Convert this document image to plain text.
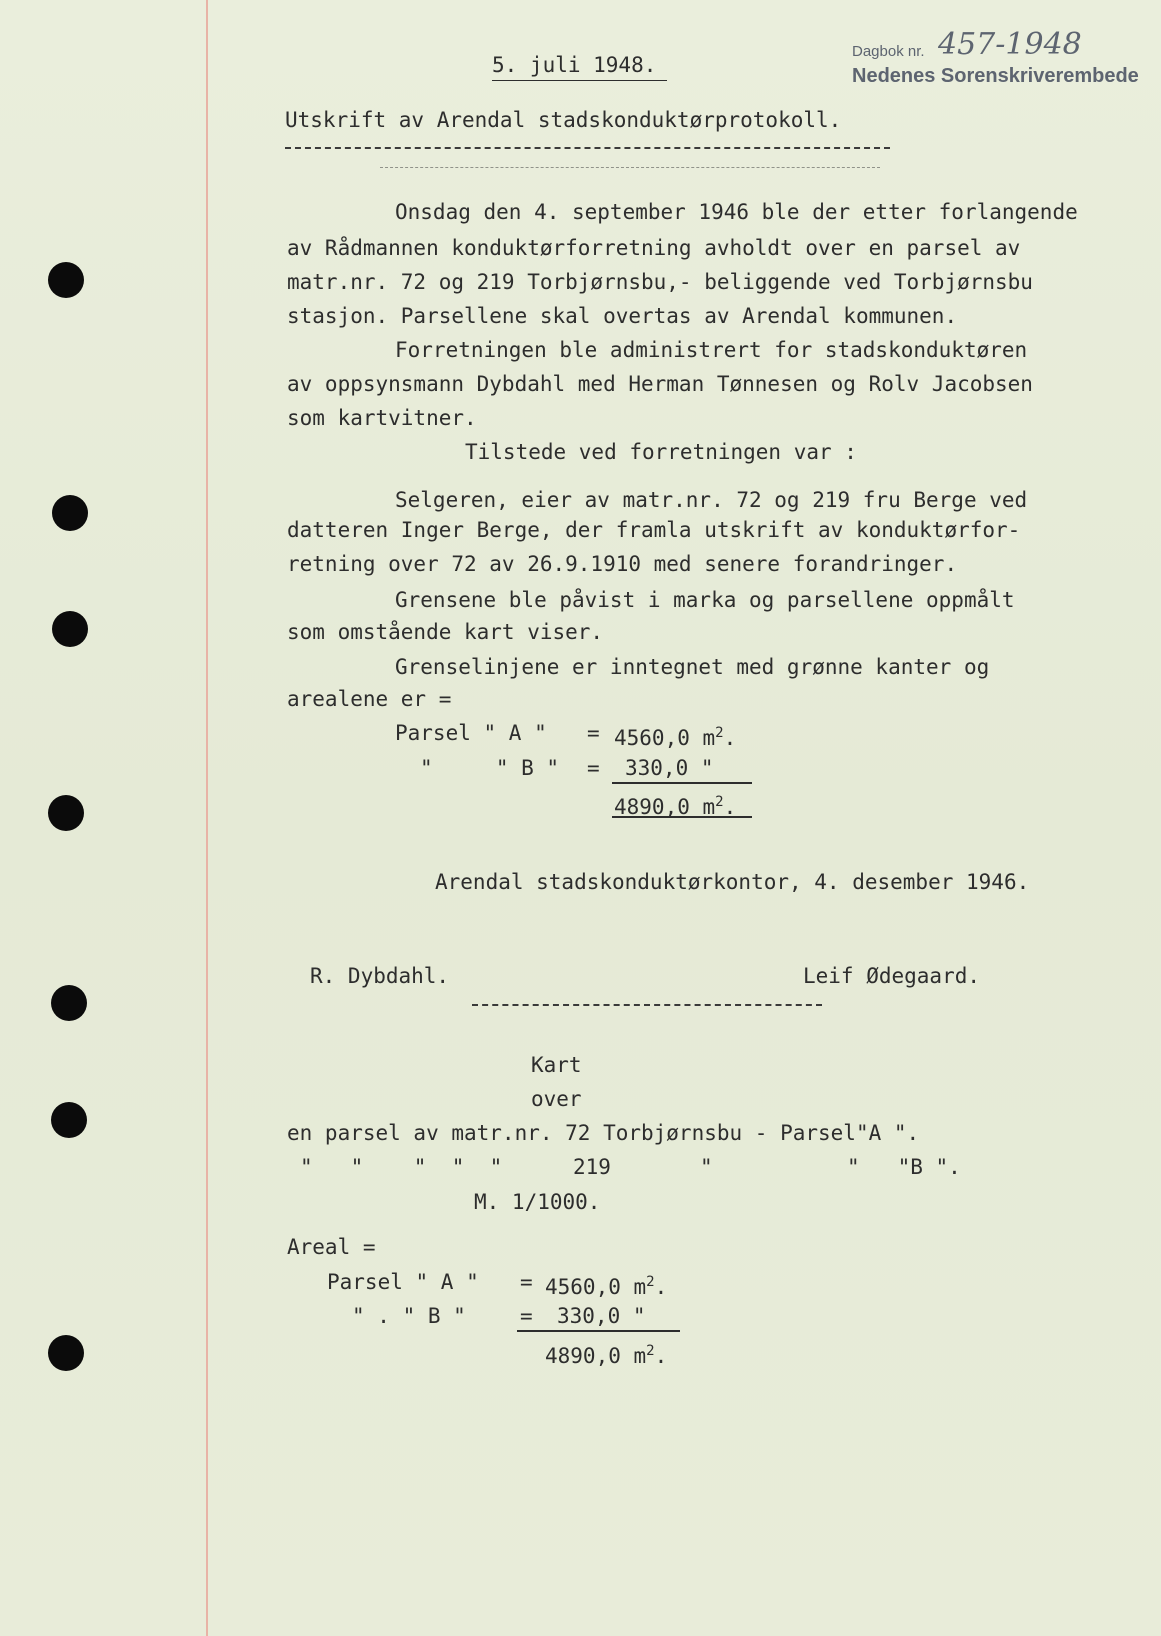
5. juli 1948.
Dagbok nr. 457-1948
Nedenes Sorenskriverembede
Utskrift av Arendal stadskonduktørprotokoll.
Onsdag den 4. september 1946 ble der etter forlangende
av Rådmannen konduktørforretning avholdt over en parsel av
matr.nr. 72 og 219 Torbjørnsbu,- beliggende ved Torbjørnsbu
stasjon. Parsellene skal overtas av Arendal kommunen.
Forretningen ble administrert for stadskonduktøren
av oppsynsmann Dybdahl med Herman Tønnesen og Rolv Jacobsen
som kartvitner.
Tilstede ved forretningen var :
Selgeren, eier av matr.nr. 72 og 219 fru Berge ved
datteren Inger Berge, der framla utskrift av konduktørfor-
retning over 72 av 26.9.1910 med senere forandringer.
Grensene ble påvist i marka og parsellene oppmålt
som omstående kart viser.
Grenselinjene er inntegnet med grønne kanter og
arealene er =
Parsel " A " = 4560,0 $m^2$.
"     " B " = 330,0 "
4890,0 $m^2$.
Arendal stadskonduktørkontor, 4. desember 1946.
R. Dybdahl.	Leif Ødegaard.
Kart
over
en parsel av matr.nr. 72 Torbjørnsbu - Parsel"A ".
"   "    "  "  "	219	"	"   "B ".
M. 1/1000.
Areal =
Parsel " A " = 4560,0 $m^2$.
" . " B "	= 330,0 "
4890,0 $m^2$.
